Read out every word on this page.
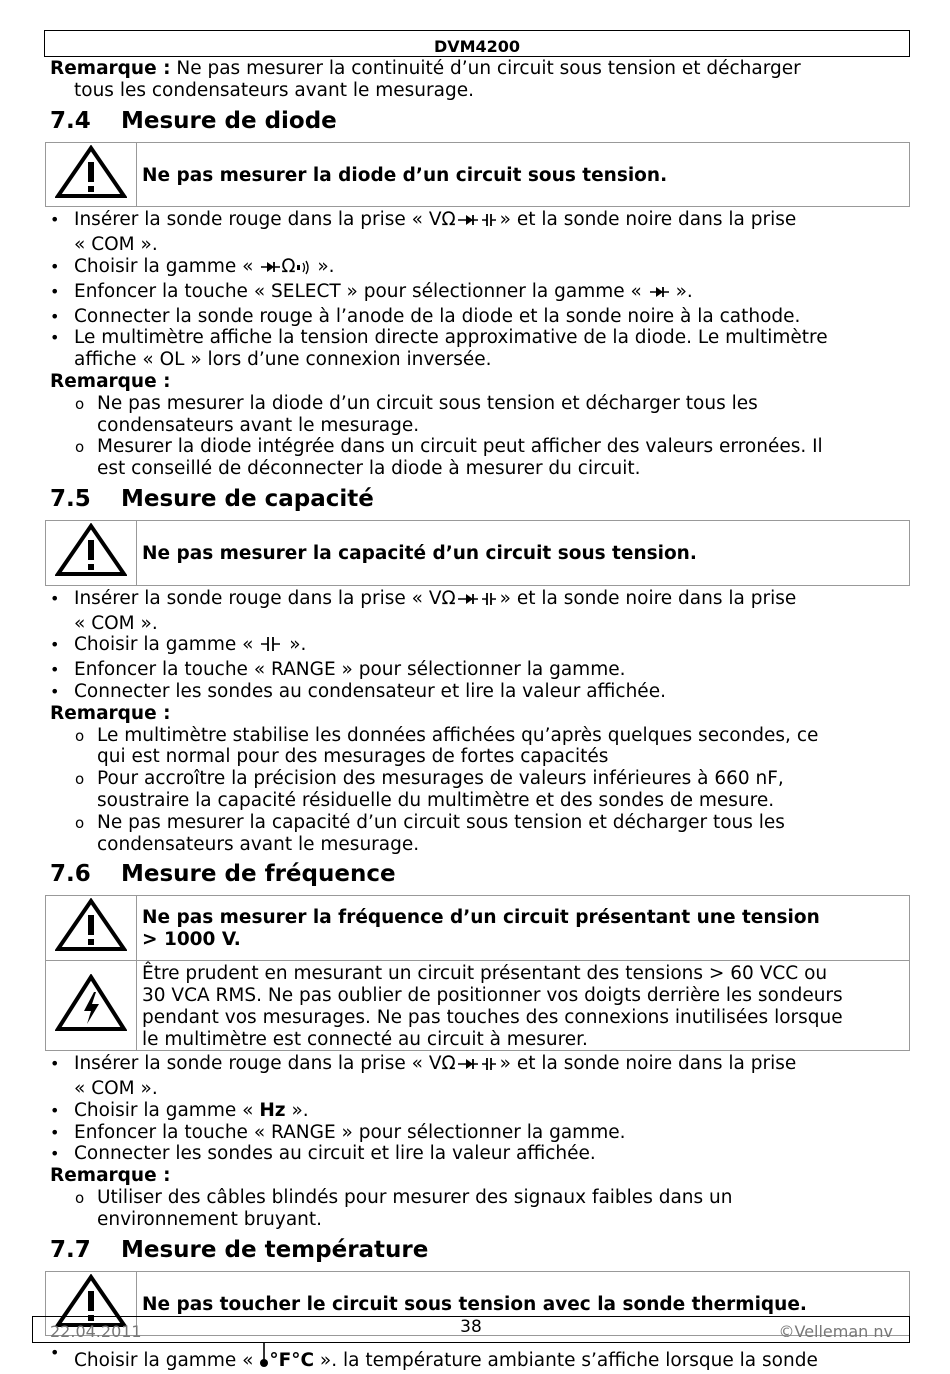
DVM4200
Remarque : Ne pas mesurer la continuité d’un circuit sous tension et décharger
tous les condensateurs avant le mesurage.
7.4	Mesure de diode
	Ne pas mesurer la diode d’un circuit sous tension.
• Insérer la sonde rouge dans la prise « VΩ » et la sonde noire dans la prise
« COM ».
• Choisir la gamme « Ω ».
• Enfoncer la touche « SELECT » pour sélectionner la gamme «  ».
• Connecter la sonde rouge à l’anode de la diode et la sonde noire à la cathode.
• Le multimètre affiche la tension directe approximative de la diode. Le multimètre
affiche « OL » lors d’une connexion inversée.
Remarque :
o Ne pas mesurer la diode d’un circuit sous tension et décharger tous les
condensateurs avant le mesurage.
o Mesurer la diode intégrée dans un circuit peut afficher des valeurs erronées. Il
est conseillé de déconnecter la diode à mesurer du circuit.
7.5	Mesure de capacité
	Ne pas mesurer la capacité d’un circuit sous tension.
• Insérer la sonde rouge dans la prise « VΩ » et la sonde noire dans la prise
« COM ».
• Choisir la gamme «  ».
• Enfoncer la touche « RANGE » pour sélectionner la gamme.
• Connecter les sondes au condensateur et lire la valeur affichée.
Remarque :
o Le multimètre stabilise les données affichées qu’après quelques secondes, ce
qui est normal pour des mesurages de fortes capacités
o Pour accroître la précision des mesurages de valeurs inférieures à 660 nF,
soustraire la capacité résiduelle du multimètre et des sondes de mesure.
o Ne pas mesurer la capacité d’un circuit sous tension et décharger tous les
condensateurs avant le mesurage.
7.6	Mesure de fréquence

Ne pas mesurer la fréquence d’un circuit présentant une tension
> 1000 V.

Être prudent en mesurant un circuit présentant des tensions > 60 VCC ou
30 VCA RMS. Ne pas oublier de positionner vos doigts derrière les sondeurs
pendant vos mesurages. Ne pas touches des connexions inutilisées lorsque
le multimètre est connecté au circuit à mesurer.
• Insérer la sonde rouge dans la prise « VΩ » et la sonde noire dans la prise
« COM ».
• Choisir la gamme « Hz ».
• Enfoncer la touche « RANGE » pour sélectionner la gamme.
• Connecter les sondes au circuit et lire la valeur affichée.
Remarque :
o Utiliser des câbles blindés pour mesurer des signaux faibles dans un
environnement bruyant.
7.7	Mesure de température
	Ne pas toucher le circuit sous tension avec la sonde thermique.
• Choisir la gamme « °F°C ». la température ambiante s’affiche lorsque la sonde
22.04.2011	38	©Velleman nv
